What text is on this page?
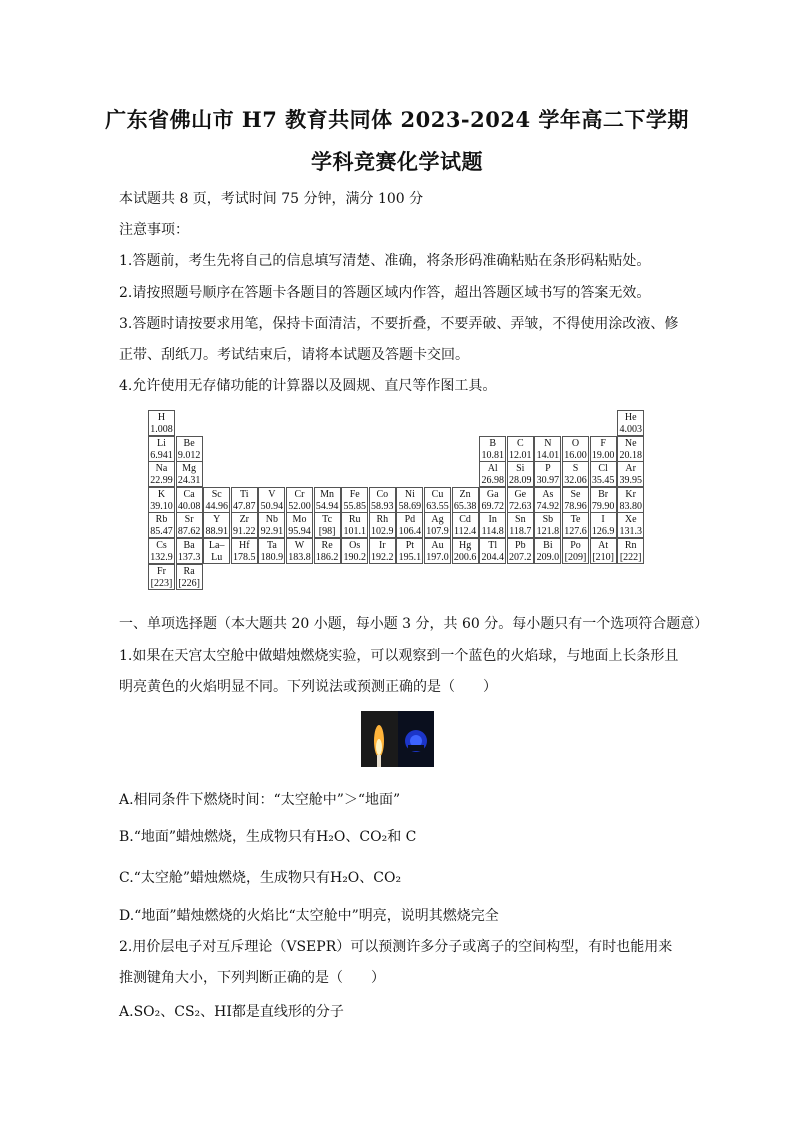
广东省佛山市 H7 教育共同体 2023-2024 学年高二下学期
学科竞赛化学试题
本试题共 8 页，考试时间 75 分钟，满分 100 分
注意事项：
1.答题前，考生先将自己的信息填写清楚、准确，将条形码准确粘贴在条形码粘贴处。
2.请按照题号顺序在答题卡各题目的答题区域内作答，超出答题区域书写的答案无效。
3.答题时请按要求用笔，保持卡面清洁，不要折叠，不要弄破、弄皱，不得使用涂改液、修
正带、刮纸刀。考试结束后，请将本试题及答题卡交回。
4.允许使用无存储功能的计算器以及圆规、直尺等作图工具。
H
1.008
He
4.003
Li
6.941
Be
9.012
B
10.81
C
12.01
N
14.01
O
16.00
F
19.00
Ne
20.18
Na
22.99
Mg
24.31
Al
26.98
Si
28.09
P
30.97
S
32.06
Cl
35.45
Ar
39.95
K
39.10
Ca
40.08
Sc
44.96
Ti
47.87
V
50.94
Cr
52.00
Mn
54.94
Fe
55.85
Co
58.93
Ni
58.69
Cu
63.55
Zn
65.38
Ga
69.72
Ge
72.63
As
74.92
Se
78.96
Br
79.90
Kr
83.80
Rb
85.47
Sr
87.62
Y
88.91
Zr
91.22
Nb
92.91
Mo
95.94
Tc
[98]
Ru
101.1
Rh
102.9
Pd
106.4
Ag
107.9
Cd
112.4
In
114.8
Sn
118.7
Sb
121.8
Te
127.6
I
126.9
Xe
131.3
Cs
132.9
Ba
137.3
La–
Lu
Hf
178.5
Ta
180.9
W
183.8
Re
186.2
Os
190.2
Ir
192.2
Pt
195.1
Au
197.0
Hg
200.6
Tl
204.4
Pb
207.2
Bi
209.0
Po
[209]
At
[210]
Rn
[222]
Fr
[223]
Ra
[226]
一、单项选择题（本大题共 20 小题，每小题 3 分，共 60 分。每小题只有一个选项符合题意）
1.如果在天宫太空舱中做蜡烛燃烧实验，可以观察到一个蓝色的火焰球，与地面上长条形且
明亮黄色的火焰明显不同。下列说法或预测正确的是（　　）
A.相同条件下燃烧时间：“太空舱中”＞“地面”
B.“地面”蜡烛燃烧，生成物只有H₂O、CO₂和 C
C.“太空舱”蜡烛燃烧，生成物只有H₂O、CO₂
D.“地面”蜡烛燃烧的火焰比“太空舱中”明亮，说明其燃烧完全
2.用价层电子对互斥理论（VSEPR）可以预测许多分子或离子的空间构型，有时也能用来
推测键角大小，下列判断正确的是（　　）
A.SO₂、CS₂、HI都是直线形的分子
